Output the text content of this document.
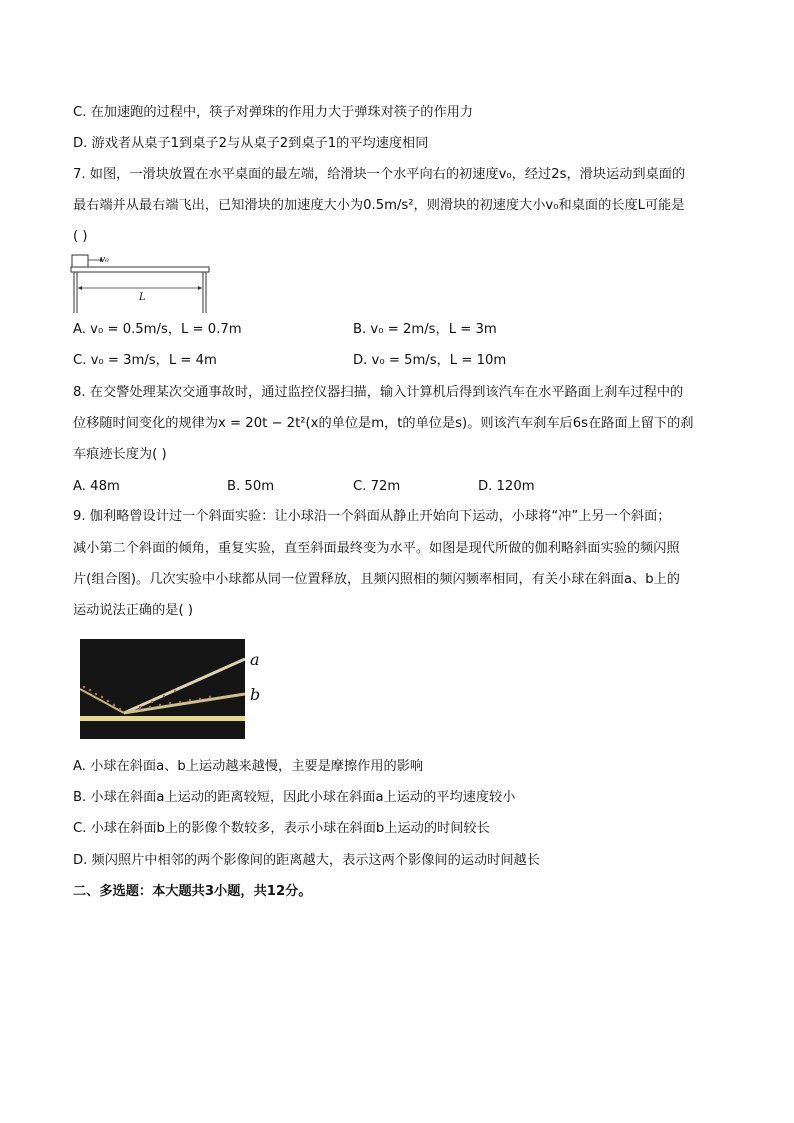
C. 在加速跑的过程中，筷子对弹珠的作用力大于弹珠对筷子的作用力
D. 游戏者从桌子1到桌子2与从桌子2到桌子1的平均速度相同
7. 如图，一滑块放置在水平桌面的最左端，给滑块一个水平向右的初速度v₀，经过2s，滑块运动到桌面的
最右端并从最右端飞出，已知滑块的加速度大小为0.5m/s²，则滑块的初速度大小v₀和桌面的长度L可能是
( )
v₀
L
A. v₀ = 0.5m/s，L = 0.7m	B. v₀ = 2m/s，L = 3m
C. v₀ = 3m/s，L = 4m	D. v₀ = 5m/s，L = 10m
8. 在交警处理某次交通事故时，通过监控仪器扫描，输入计算机后得到该汽车在水平路面上刹车过程中的
位移随时间变化的规律为x = 20t − 2t²(x的单位是m，t的单位是s)。则该汽车刹车后6s在路面上留下的刹
车痕迹长度为( )
A. 48m	B. 50m	C. 72m	D. 120m
9. 伽利略曾设计过一个斜面实验：让小球沿一个斜面从静止开始向下运动，小球将“冲”上另一个斜面；
减小第二个斜面的倾角，重复实验，直至斜面最终变为水平。如图是现代所做的伽利略斜面实验的频闪照
片(组合图)。几次实验中小球都从同一位置释放，且频闪照相的频闪频率相同，有关小球在斜面a、b上的
运动说法正确的是( )
a
b
A. 小球在斜面a、b上运动越来越慢，主要是摩擦作用的影响
B. 小球在斜面a上运动的距离较短，因此小球在斜面a上运动的平均速度较小
C. 小球在斜面b上的影像个数较多，表示小球在斜面b上运动的时间较长
D. 频闪照片中相邻的两个影像间的距离越大，表示这两个影像间的运动时间越长
二、多选题：本大题共3小题，共12分。
